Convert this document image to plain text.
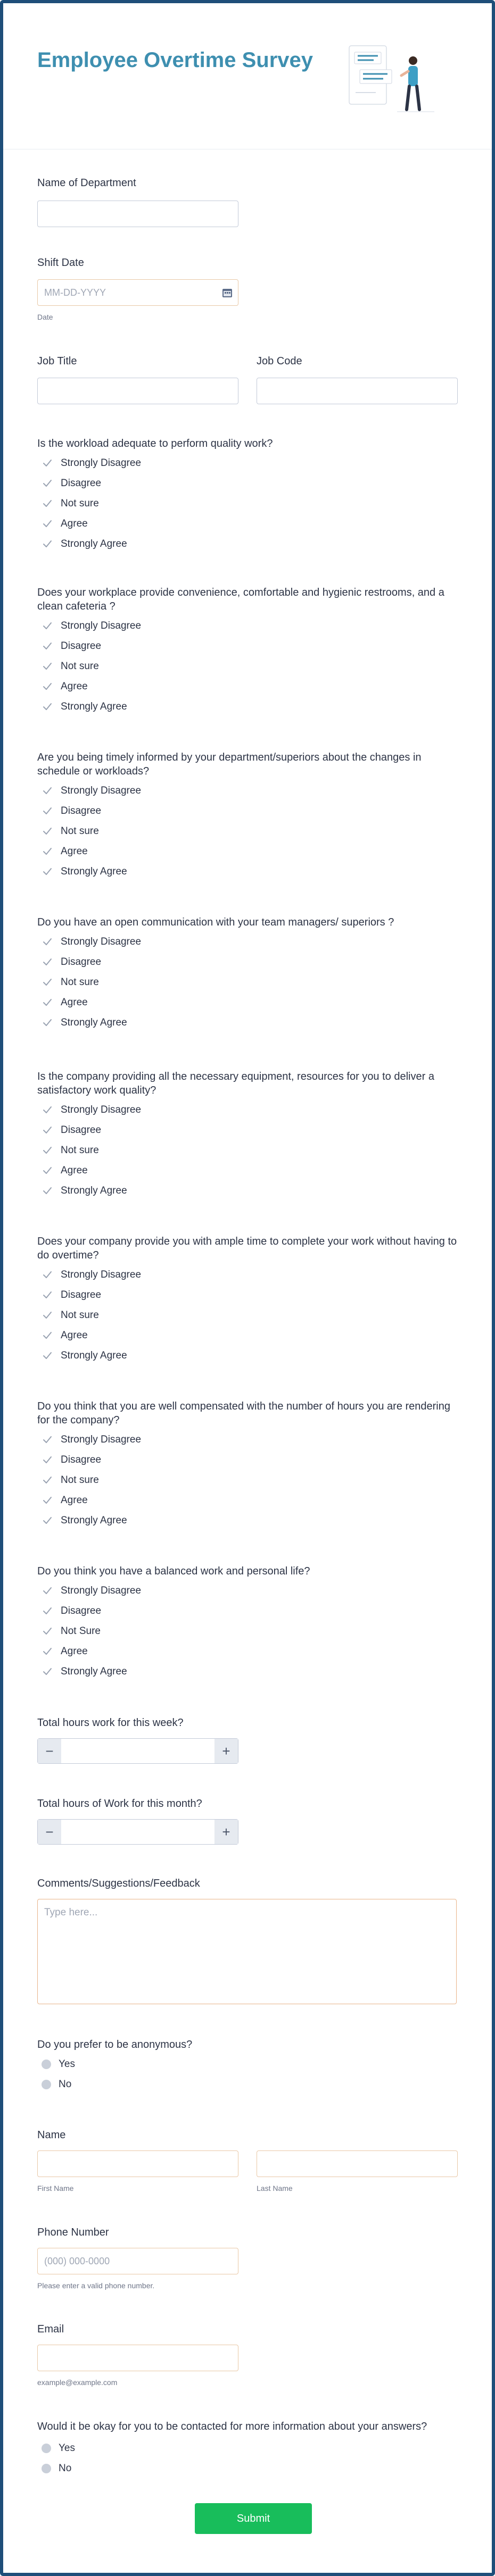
Employee Overtime Survey
Name of Department
Shift Date
MM-DD-YYYY
Date
Job Title	Job Code
Is the workload adequate to perform quality work?
Strongly Disagree
Disagree
Not sure
Agree
Strongly Agree
Does your workplace provide convenience, comfortable and hygienic restrooms, and a clean cafeteria ?
Strongly Disagree
Disagree
Not sure
Agree
Strongly Agree
Are you being timely informed by your department/superiors about the changes in schedule or workloads?
Strongly Disagree
Disagree
Not sure
Agree
Strongly Agree
Do you have an open communication with your team managers/ superiors ?
Strongly Disagree
Disagree
Not sure
Agree
Strongly Agree
Is the company providing all the necessary equipment, resources for you to deliver a satisfactory work quality?
Strongly Disagree
Disagree
Not sure
Agree
Strongly Agree
Does your company provide you with ample time to complete your work without having to do overtime?
Strongly Disagree
Disagree
Not sure
Agree
Strongly Agree
Do you think that you are well compensated with the number of hours you are rendering for the company?
Strongly Disagree
Disagree
Not sure
Agree
Strongly Agree
Do you think you have a balanced work and personal life?
Strongly Disagree
Disagree
Not Sure
Agree
Strongly Agree
Total hours work for this week?
−	+
Total hours of Work for this month?
−	+
Comments/Suggestions/Feedback
Type here...
Do you prefer to be anonymous?
Yes
No
Name
First Name	Last Name
Phone Number
(000) 000-0000
Please enter a valid phone number.
Email
example@example.com
Would it be okay for you to be contacted for more information about your answers?
Yes
No
Submit
